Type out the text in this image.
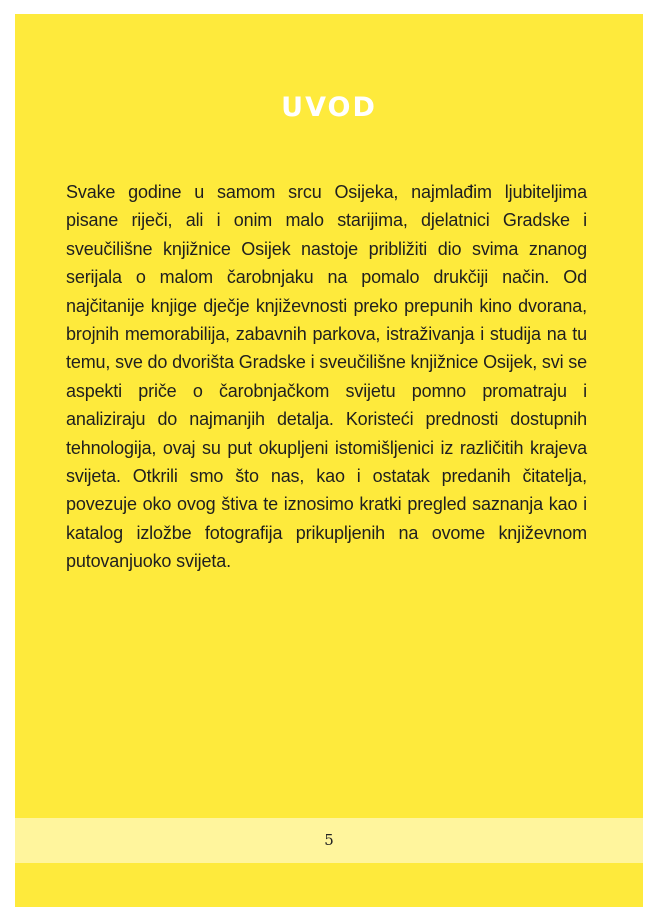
UVOD

Svake godine u samom srcu Osijeka, najmlađim ljubiteljima pisane riječi, ali i onim malo starijima, djelatnici Gradske i sveučilišne knjižnice Osijek nastoje približiti dio svima znanog serijala o malom čarobnjaku na pomalo drukčiji način. Od najčitanije knjige dječje književnosti preko prepunih kino dvorana, brojnih memorabilija, zabavnih parkova, istraživanja i studija na tu temu, sve do dvorišta Gradske i sveučilišne knjižnice Osijek, svi se aspekti priče o čarobnjačkom svijetu pomno promatraju i analiziraju do najmanjih detalja. Koristeći prednosti dostupnih tehnologija, ovaj su put okupljeni istomišljenici iz različitih krajeva svijeta. Otkrili smo što nas, kao i ostatak predanih čitatelja, povezuje oko ovog štiva te iznosimo kratki pregled saznanja kao i katalog izložbe fotografija prikupljenih na ovome književnom putovanjuoko svijeta.

5
